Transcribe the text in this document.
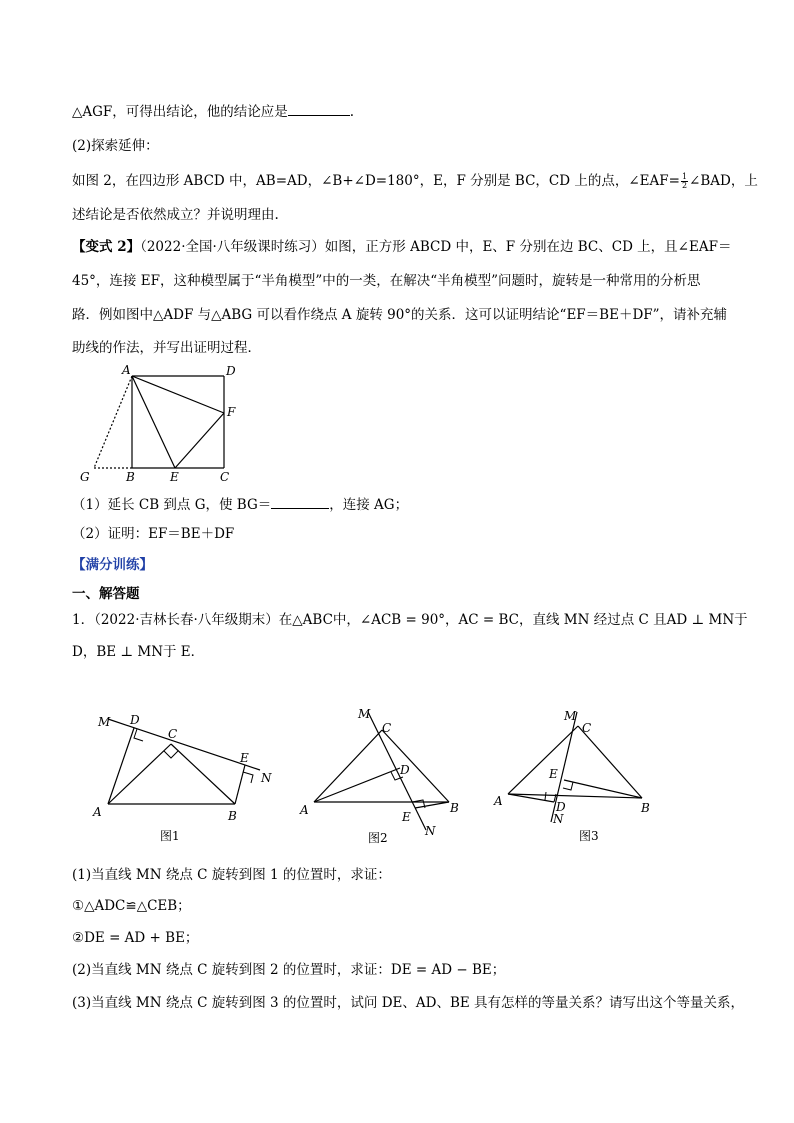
△AGF，可得出结论，他的结论应是	.
(2)探索延伸：
如图 2，在四边形 ABCD 中，AB=AD，∠B+∠D=180°，E，F 分别是 BC，CD 上的点，∠EAF= $\frac{1}{2}$ ∠BAD，上
述结论是否依然成立？并说明理由.
【变式 2】（2022·全国·八年级课时练习）如图，正方形 ABCD 中，E、F 分别在边 BC、CD 上，且∠EAF＝
45°，连接 EF，这种模型属于“半角模型”中的一类，在解决“半角模型”问题时，旋转是一种常用的分析思
路．例如图中△ADF 与△ABG 可以看作绕点 A 旋转 90°的关系．这可以证明结论“EF＝BE＋DF”，请补充辅
助线的作法，并写出证明过程．
A	D
F
G	B	E	C
（1）延长 CB 到点 G，使 BG＝	，连接 AG；
（2）证明：EF＝BE＋DF
【满分训练】
一、解答题
1．（2022·吉林长春·八年级期末）在△ABC中，∠ACB = 90°，AC = BC，直线 MN 经过点 C 且AD ⊥ MN于
D，BE ⊥ MN于 E．
M D
C
E
N
A	B
图1
M
C
D
A	E
B
N
图2
M
C
E
A	D
N
B
图3
(1)当直线 MN 绕点 C 旋转到图 1 的位置时，求证：
①△ADC≌△CEB；
②DE = AD + BE；
(2)当直线 MN 绕点 C 旋转到图 2 的位置时，求证：DE = AD − BE；
(3)当直线 MN 绕点 C 旋转到图 3 的位置时，试问 DE、AD、BE 具有怎样的等量关系？请写出这个等量关系，
